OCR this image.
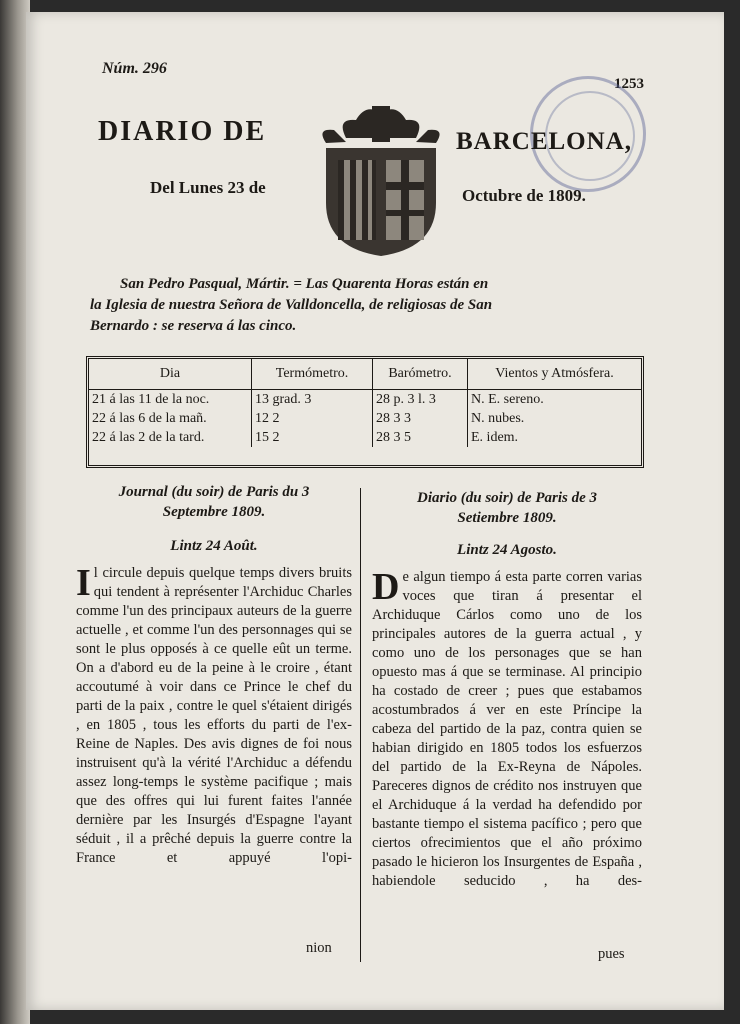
Núm. 296
1253
DIARIO DE	BARCELONA,
Del Lunes 23 de	Octubre de 1809.
San Pedro Pasqual, Mártir. = Las Quarenta Horas están en
la Iglesia de nuestra Señora de Valldoncella, de religiosas de San
Bernardo : se reserva á las cinco.
Dia	Termómetro.	Barómetro.	Vientos y Atmósfera.
21 á las 11 de la noc.	13 grad. 3	28 p. 3 l. 3	N. E. sereno.
22 á las 6 de la mañ.	12 2	28 3 3	N. nubes.
22 á las 2 de la tard.	15 2	28 3 5	E. idem.
Journal (du soir) de Paris du 3
Septembre 1809.
Lintz 24 Août.

Il circule depuis quelque temps divers bruits qui tendent à représenter l'Archiduc Charles comme l'un des principaux auteurs de la guerre actuelle , et comme l'un des personnages qui se sont le plus opposés à ce quelle eût un terme. On a d'abord eu de la peine à le croire , étant accoutumé à voir dans ce Prince le chef du parti de la paix , contre le quel s'étaient dirigés , en 1805 , tous les efforts du parti de l'ex-Reine de Naples. Des avis dignes de foi nous instruisent qu'à la vérité l'Archiduc a défendu assez long-temps le système pacifique ; mais que des offres qui lui furent faites l'année dernière par les Insurgés d'Espagne l'ayant séduit , il a prêché depuis la guerre contre la France et appuyé l'opi-

nion
Diario (du soir) de Paris de 3
Setiembre 1809.
Lintz 24 Agosto.

De algun tiempo á esta parte corren varias voces que tiran á presentar el Archiduque Cárlos como uno de los principales autores de la guerra actual , y como uno de los personages que se han opuesto mas á que se terminase. Al principio ha costado de creer ; pues que estabamos acostumbrados á ver en este Príncipe la cabeza del partido de la paz, contra quien se habian dirigido en 1805 todos los esfuerzos del partido de la Ex-Reyna de Nápoles. Pareceres dignos de crédito nos instruyen que el Archiduque á la verdad ha defendido por bastante tiempo el sistema pacífico ; pero que ciertos ofrecimientos que el año próximo pasado le hicieron los Insurgentes de España , habiendole seducido , ha des-

pues
